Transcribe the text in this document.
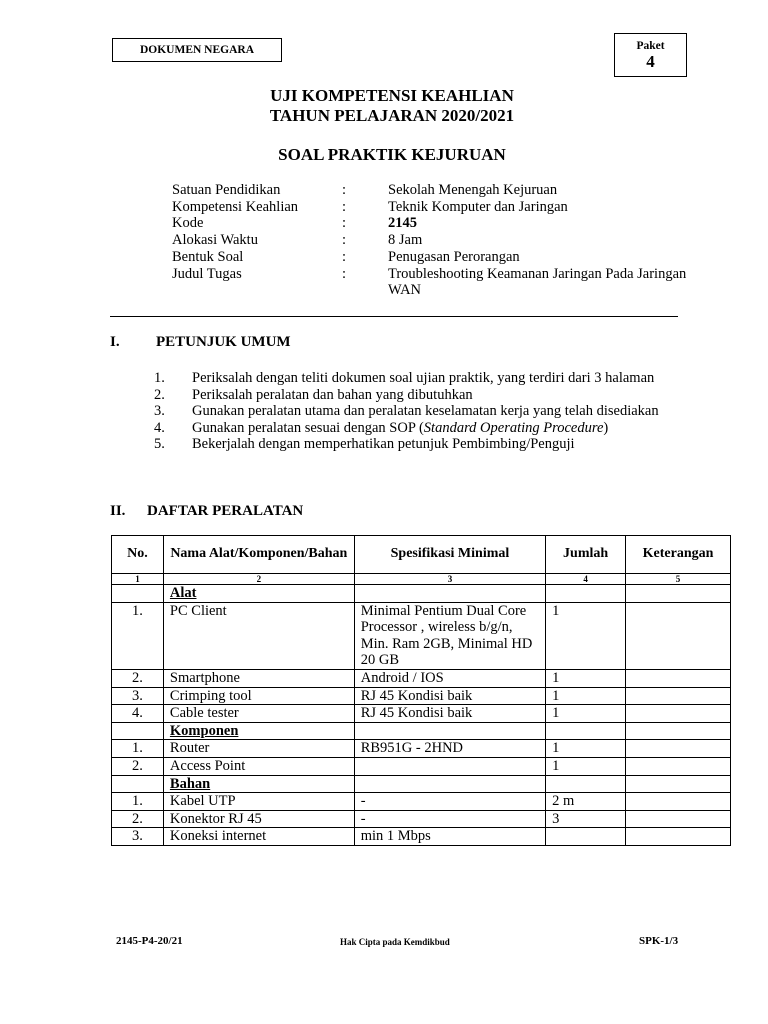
DOKUMEN NEGARA	Paket
4
UJI KOMPETENSI KEAHLIAN
TAHUN PELAJARAN 2020/2021
SOAL PRAKTIK KEJURUAN
Satuan Pendidikan	:	Sekolah Menengah Kejuruan
Kompetensi Keahlian	:	Teknik Komputer dan Jaringan
Kode	:	2145
Alokasi Waktu	:	8 Jam
Bentuk Soal	:	Penugasan Perorangan
Judul Tugas	:	Troubleshooting Keamanan Jaringan Pada Jaringan WAN
I. PETUNJUK UMUM
1.	Periksalah dengan teliti dokumen soal ujian praktik, yang terdiri dari 3 halaman
2.	Periksalah peralatan dan bahan yang dibutuhkan
3.	Gunakan peralatan utama dan peralatan keselamatan kerja yang telah disediakan
4.	Gunakan peralatan sesuai dengan SOP (Standard Operating Procedure)
5.	Bekerjalah dengan memperhatikan petunjuk Pembimbing/Penguji
II. DAFTAR PERALATAN
No.	Nama Alat/Komponen/Bahan	Spesifikasi Minimal	Jumlah	Keterangan
1	2	3	4	5
	Alat			
1.	PC Client	Minimal Pentium Dual Core Processor , wireless b/g/n, Min. Ram 2GB, Minimal HD 20 GB	1	
2.	Smartphone	Android / IOS	1	
3.	Crimping tool	RJ 45 Kondisi baik	1	
4.	Cable tester	RJ 45 Kondisi baik	1	
	Komponen			
1.	Router	RB951G - 2HND	1	
2.	Access Point		1	
	Bahan			
1.	Kabel UTP	-	2 m	
2.	Konektor RJ 45	-	3	
3.	Koneksi internet	min 1 Mbps		
2145-P4-20/21	Hak Cipta pada Kemdikbud	SPK-1/3
